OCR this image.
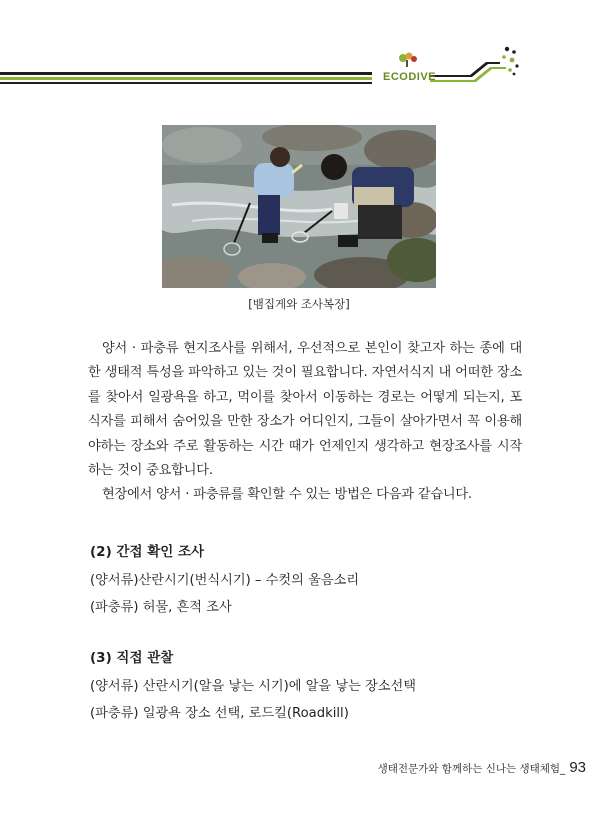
ECODIVE
[뱀집게와 조사복장]

양서 · 파충류 현지조사를 위해서, 우선적으로 본인이 찾고자 하는 종에 대한 생태적 특성을 파악하고 있는 것이 필요합니다. 자연서식지 내 어떠한 장소를 찾아서 일광욕을 하고, 먹이를 찾아서 이동하는 경로는 어떻게 되는지, 포식자를 피해서 숨어있을 만한 장소가 어디인지, 그들이 살아가면서 꼭 이용해야하는 장소와 주로 활동하는 시간 때가 언제인지 생각하고 현장조사를 시작하는 것이 중요합니다.

현장에서 양서 · 파충류를 확인할 수 있는 방법은 다음과 같습니다.

(2) 간접 확인 조사
(양서류)산란시기(번식시기) – 수컷의 울음소리
(파충류) 허물, 흔적 조사
(3) 직접 관찰
(양서류) 산란시기(알을 낳는 시기)에 알을 낳는 장소선택
(파충류) 일광욕 장소 선택, 로드킬(Roadkill)
생태전문가와 함께하는 신나는 생태체험_ 93
